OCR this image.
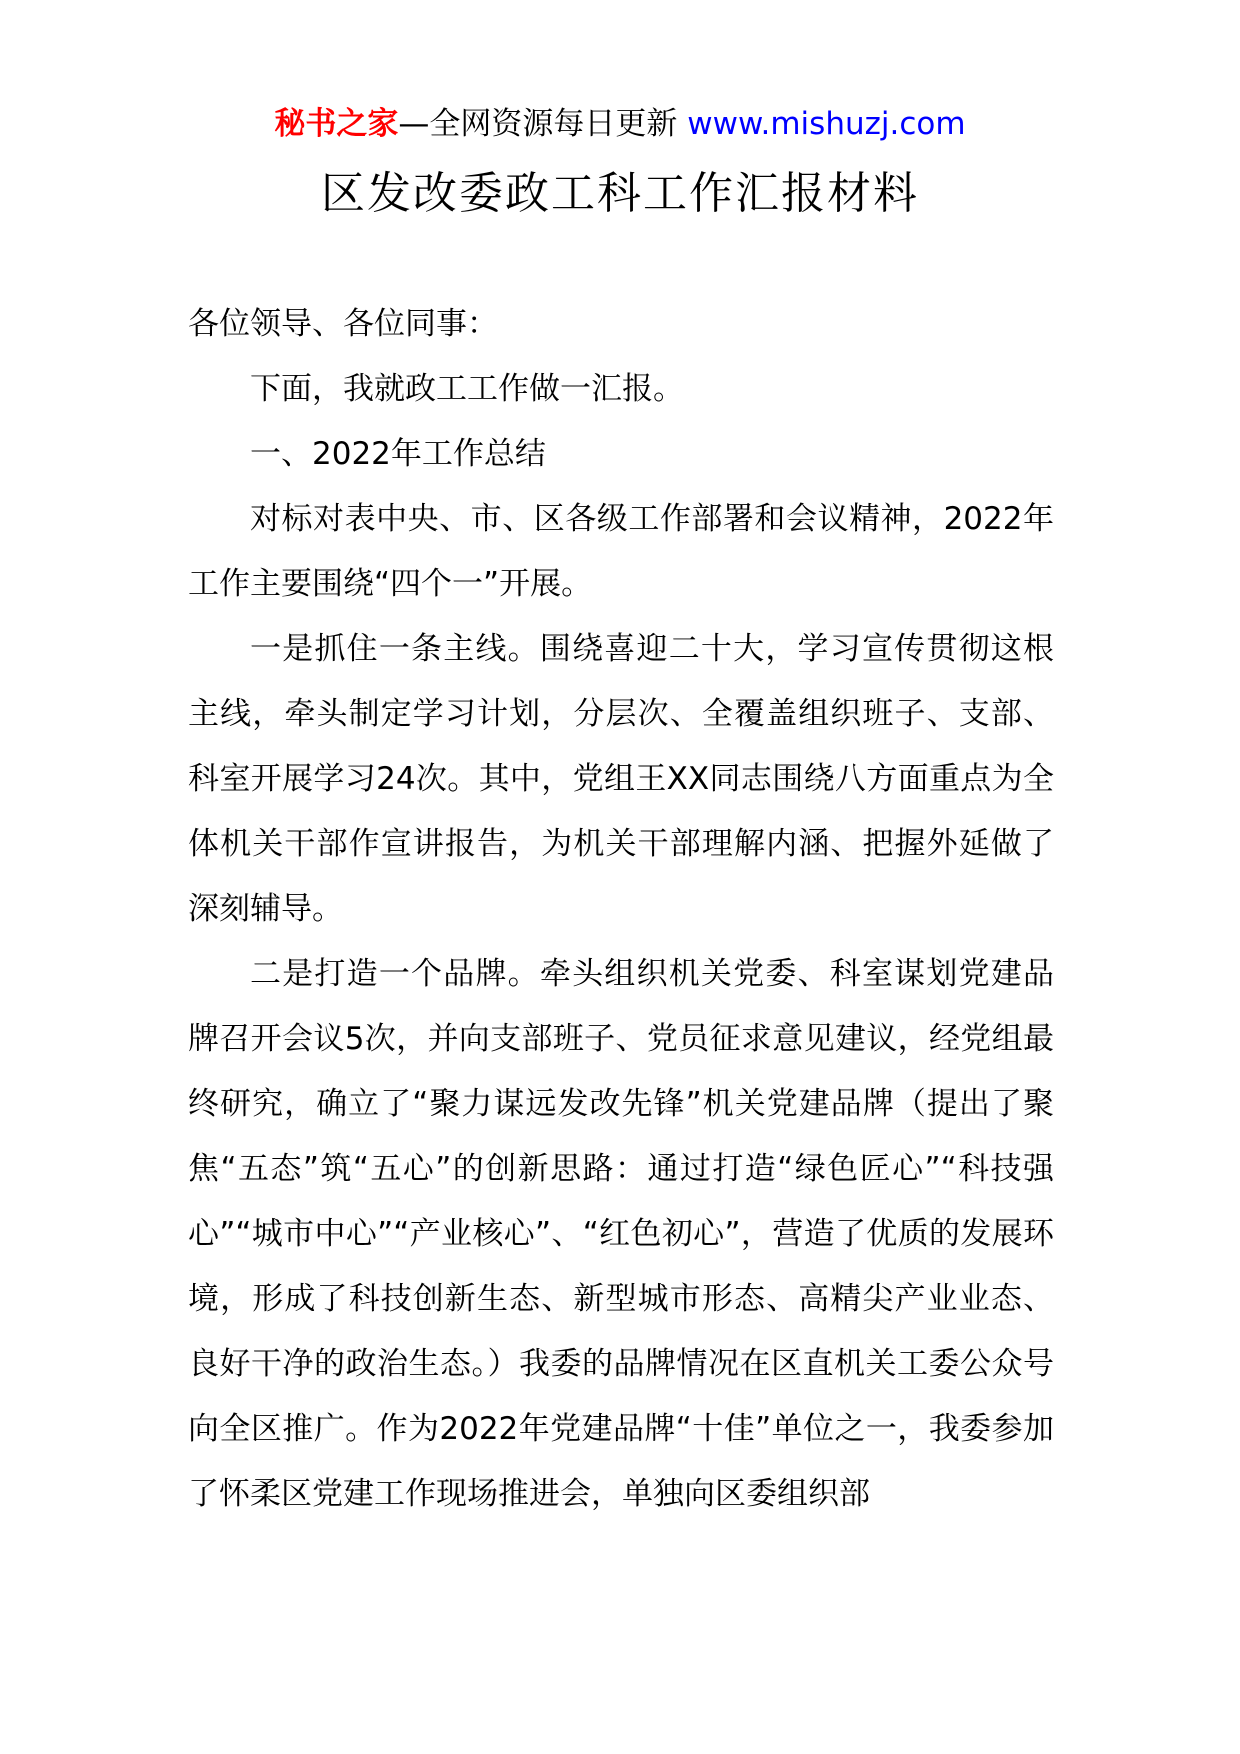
秘书之家—全网资源每日更新 www.mishuzj.com
区发改委政工科工作汇报材料

各位领导、各位同事：

下面，我就政工工作做一汇报。

一、2022年工作总结

对标对表中央、市、区各级工作部署和会议精神，2022年工作主要围绕“四个一”开展。

一是抓住一条主线。围绕喜迎二十大，学习宣传贯彻这根主线，牵头制定学习计划，分层次、全覆盖组织班子、支部、科室开展学习24次。其中，党组王XX同志围绕八方面重点为全体机关干部作宣讲报告，为机关干部理解内涵、把握外延做了深刻辅导。

二是打造一个品牌。牵头组织机关党委、科室谋划党建品牌召开会议5次，并向支部班子、党员征求意见建议，经党组最终研究，确立了“聚力谋远发改先锋”机关党建品牌（提出了聚焦“五态”筑“五心”的创新思路：通过打造“绿色匠心”“科技强心”“城市中心”“产业核心”、“红色初心”，营造了优质的发展环境，形成了科技创新生态、新型城市形态、高精尖产业业态、良好干净的政治生态。）我委的品牌情况在区直机关工委公众号向全区推广。作为2022年党建品牌“十佳”单位之一，我委参加了怀柔区党建工作现场推进会，单独向区委组织部
